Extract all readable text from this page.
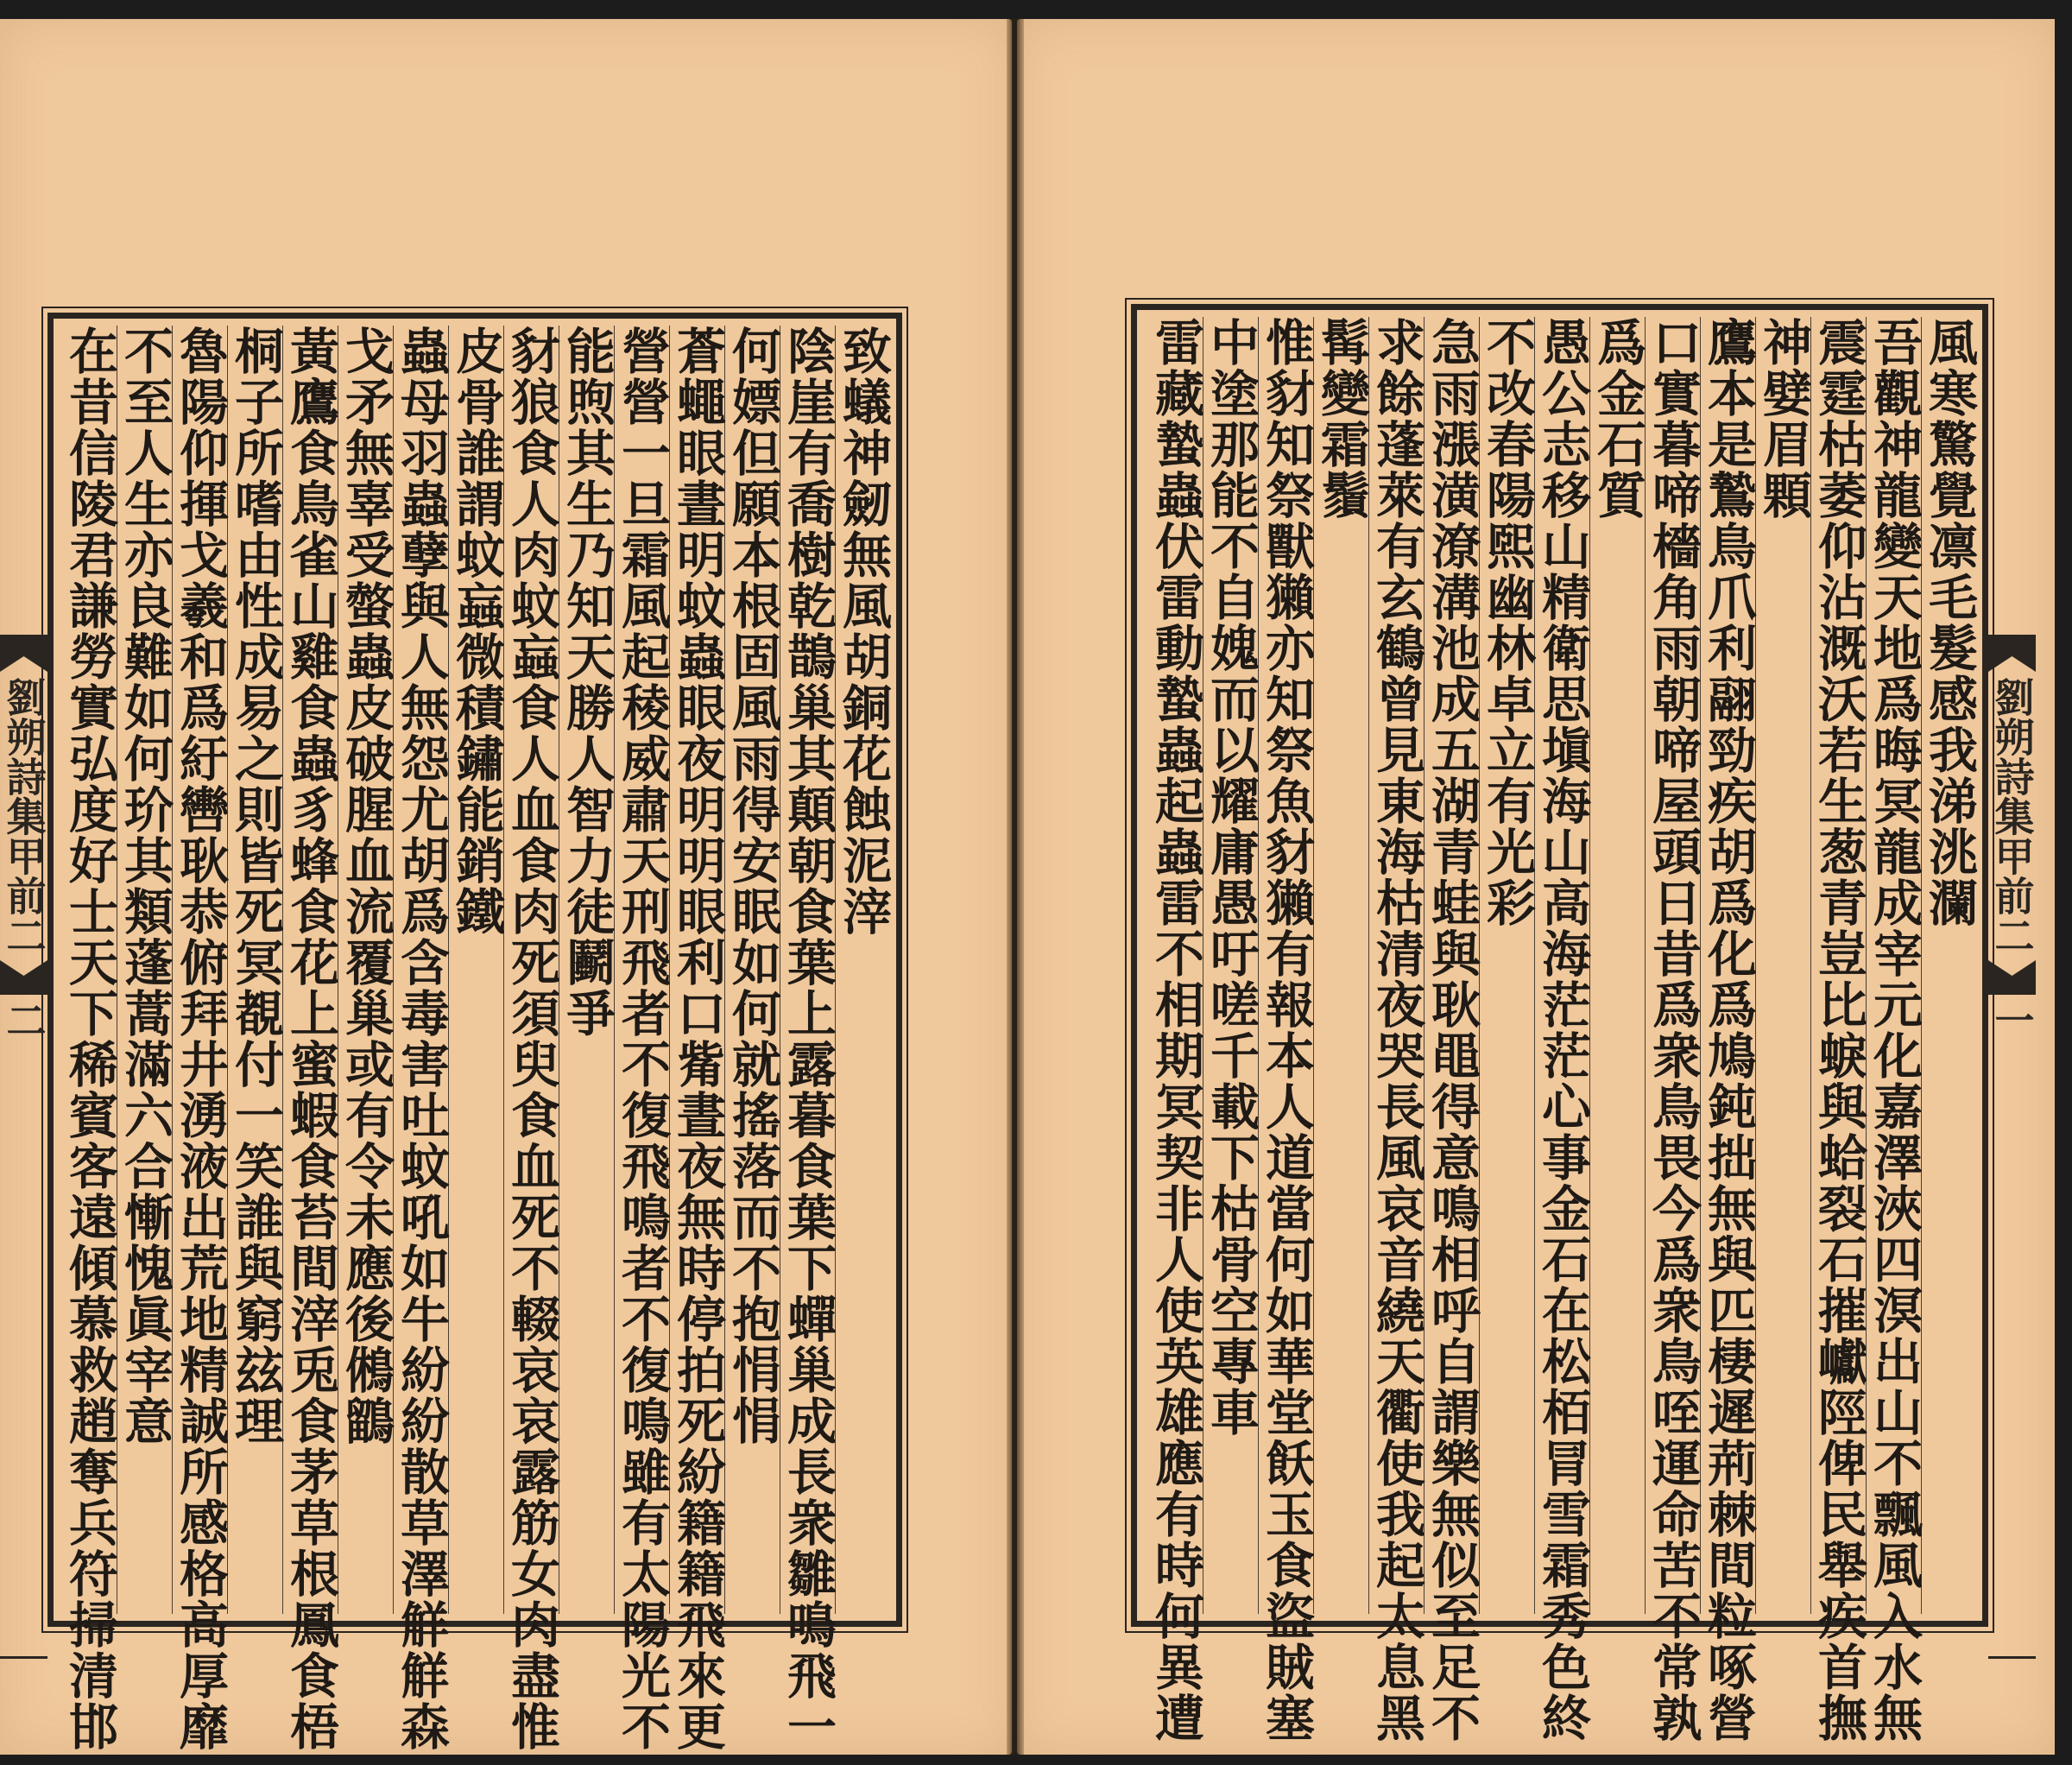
致蟻神劒無風胡銅花蝕泥滓
陰崖有喬樹乾鵲巢其顛朝食葉上露暮食葉下蟬巢成長衆雛鳴飛一
何嫖但願本根固風雨得安眠如何就搖落而不抱悁悁
蒼蠅眼晝明蚊蟲眼夜明明眼利口觜晝夜無時停拍死紛籍籍飛來更
營營一旦霜風起稜威肅天刑飛者不復飛鳴者不復鳴雖有太陽光不
能煦其生乃知天勝人智力徒鬬爭
豺狼食人肉蚊蝱食人血食肉死須臾食血死不輟哀哀露筋女肉盡惟
皮骨誰謂蚊蝱微積鏽能銷鐵
蟲母羽蟲孽與人無怨尤胡爲含毒害吐蚊吼如牛紛紛散草澤觧觧森
戈矛無辜受螫蟲皮破腥血流覆巢或有令未應後鵂鶹
黃鷹食鳥雀山雞食蟲豸蜂食花上蜜蝦食苔間滓兎食茅草根鳳食梧
桐子所嗜由性成易之則皆死冥覩付一笑誰與窮玆理
魯陽仰揮戈羲和爲紆轡耿恭俯拜井湧液出荒地精誠所感格高厚靡
不至人生亦良難如何玠其類蓬蒿滿六合慚愧眞宰意
在昔信陵君謙勞實弘度好士天下稀賓客遠傾慕救趙奪兵符掃清邯	風寒驚覺凛毛髮感我涕洮瀾
吾觀神龍變天地爲晦冥龍成宰元化嘉澤浹四溟出山不飄風入水無
震霆枯萎仰沾溉沃若生葱青豈比蜧與蛤裂石摧巘陘俾民舉疾首撫
神嬖眉顆
鷹本是鷙鳥爪利翮勁疾胡爲化爲鳩鈍拙無與匹棲遲荊棘間粒啄營
口實暮啼檣角雨朝啼屋頭日昔爲衆鳥畏今爲衆鳥咥運命苦不常孰
爲金石質
愚公志移山精衛思塡海山高海茫茫心事金石在松栢冐雪霜秀色終
不改春陽煕幽林卓立有光彩
急雨漲潢潦溝池成五湖青蛙與耿黽得意鳴相呼自謂樂無似至足不
求餘蓬萊有玄鶴曾見東海枯清夜哭長風哀音繞天衢使我起太息黑
髯變霜鬚
惟豺知祭獸獺亦知祭魚豺獺有報本人道當何如華堂飫玉食盜賊塞
中塗那能不自媿而以耀庸愚吁嗟千載下枯骨空專車
雷藏蟄蟲伏雷動蟄蟲起蟲雷不相期冥契非人使英雄應有時何異遭
劉朔詩集甲前二
二
劉朔詩集甲前二
一
